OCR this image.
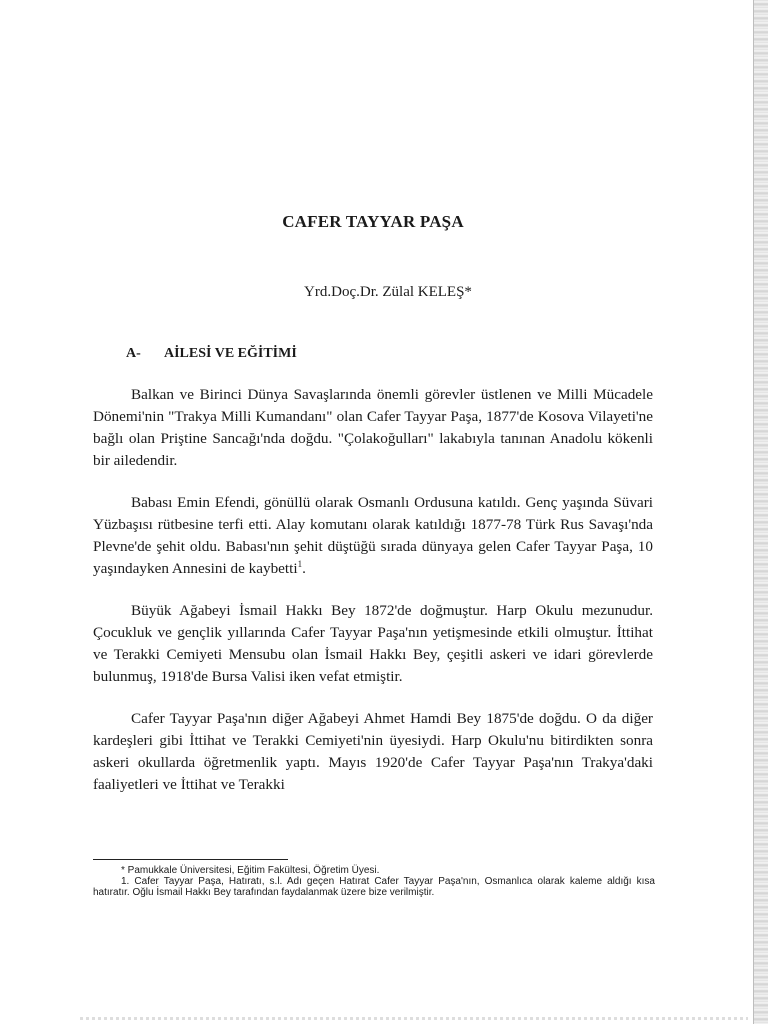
CAFER TAYYAR PAŞA
Yrd.Doç.Dr. Zülal KELEŞ*
A- AİLESİ VE EĞİTİMİ

Balkan ve Birinci Dünya Savaşlarında önemli görevler üstlenen ve Milli Mücadele Dönemi'nin "Trakya Milli Kumandanı" olan Cafer Tayyar Paşa, 1877'de Kosova Vilayeti'ne bağlı olan Priştine Sancağı'nda doğdu. "Çolakoğulları" lakabıyla tanınan Anadolu kökenli bir ailedendir.

Babası Emin Efendi, gönüllü olarak Osmanlı Ordusuna katıldı. Genç yaşında Süvari Yüzbaşısı rütbesine terfi etti. Alay komutanı olarak katıldığı 1877-78 Türk Rus Savaşı'nda Plevne'de şehit oldu. Babası'nın şehit düştüğü sırada dünyaya gelen Cafer Tayyar Paşa, 10 yaşındayken Annesini de kaybetti$^1$.

Büyük Ağabeyi İsmail Hakkı Bey 1872'de doğmuştur. Harp Okulu mezunudur. Çocukluk ve gençlik yıllarında Cafer Tayyar Paşa'nın yetişmesinde etkili olmuştur. İttihat ve Terakki Cemiyeti Mensubu olan İsmail Hakkı Bey, çeşitli askeri ve idari görevlerde bulunmuş, 1918'de Bursa Valisi iken vefat etmiştir.

Cafer Tayyar Paşa'nın diğer Ağabeyi Ahmet Hamdi Bey 1875'de doğdu. O da diğer kardeşleri gibi İttihat ve Terakki Cemiyeti'nin üyesiydi. Harp Okulu'nu bitirdikten sonra askeri okullarda öğretmenlik yaptı. Mayıs 1920'de Cafer Tayyar Paşa'nın Trakya'daki faaliyetleri ve İttihat ve Terakki

* Pamukkale Üniversitesi, Eğitim Fakültesi, Öğretim Üyesi.

1. Cafer Tayyar Paşa, Hatıratı, s.l. Adı geçen Hatırat Cafer Tayyar Paşa'nın, Osmanlıca olarak kaleme aldığı kısa hatıratır. Oğlu İsmail Hakkı Bey tarafından faydalanmak üzere bize verilmiştir.
